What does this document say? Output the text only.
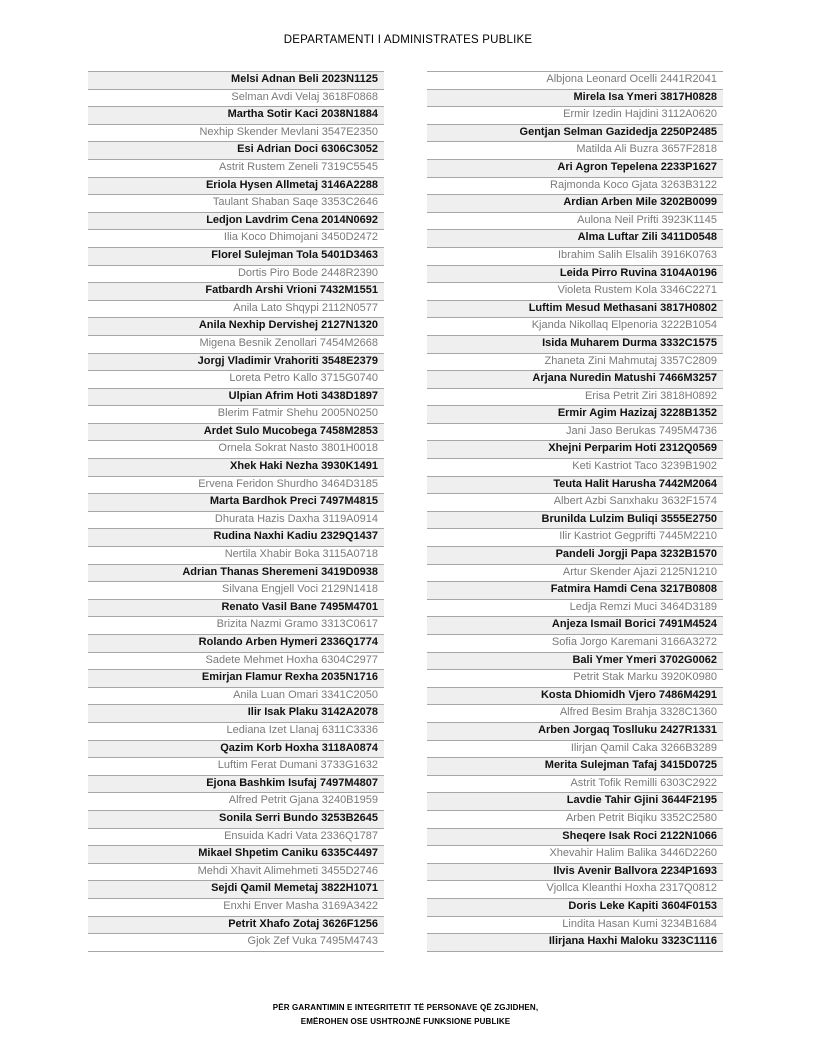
DEPARTAMENTI I ADMINISTRATES PUBLIKE
Melsi Adnan Beli 2023N1125
Selman Avdi Velaj 3618F0868
Martha Sotir Kaci 2038N1884
Nexhip Skender Mevlani 3547E2350
Esi Adrian Doci 6306C3052
Astrit Rustem Zeneli 7319C5545
Eriola Hysen Allmetaj 3146A2288
Taulant Shaban Saqe 3353C2646
Ledjon Lavdrim Cena 2014N0692
Ilia Koco Dhimojani 3450D2472
Florel Sulejman Tola 5401D3463
Dortis Piro Bode 2448R2390
Fatbardh Arshi Vrioni 7432M1551
Anila Lato Shqypi 2112N0577
Anila Nexhip Dervishej 2127N1320
Migena Besnik Zenollari 7454M2668
Jorgj Vladimir Vrahoriti 3548E2379
Loreta Petro Kallo 3715G0740
Ulpian Afrim Hoti 3438D1897
Blerim Fatmir Shehu 2005N0250
Ardet Sulo Mucobega 7458M2853
Ornela Sokrat Nasto 3801H0018
Xhek Haki Nezha 3930K1491
Ervena Feridon Shurdho 3464D3185
Marta Bardhok Preci 7497M4815
Dhurata Hazis Daxha 3119A0914
Rudina Naxhi Kadiu 2329Q1437
Nertila Xhabir Boka 3115A0718
Adrian Thanas Sheremeni 3419D0938
Silvana Engjell Voci 2129N1418
Renato Vasil Bane 7495M4701
Brizita Nazmi Gramo 3313C0617
Rolando Arben Hymeri 2336Q1774
Sadete Mehmet Hoxha 6304C2977
Emirjan Flamur Rexha 2035N1716
Anila Luan Omari 3341C2050
Ilir Isak Plaku 3142A2078
Lediana Izet Llanaj 6311C3336
Qazim Korb Hoxha 3118A0874
Luftim Ferat Dumani 3733G1632
Ejona Bashkim Isufaj 7497M4807
Alfred Petrit Gjana 3240B1959
Sonila Serri Bundo 3253B2645
Ensuida Kadri Vata 2336Q1787
Mikael Shpetim Caniku 6335C4497
Mehdi Xhavit Alimehmeti 3455D2746
Sejdi Qamil Memetaj 3822H1071
Enxhi Enver Masha 3169A3422
Petrit Xhafo Zotaj 3626F1256
Gjok Zef Vuka 7495M4743
Albjona Leonard Ocelli 2441R2041
Mirela Isa Ymeri 3817H0828
Ermir Izedin Hajdini 3112A0620
Gentjan Selman Gazidedja 2250P2485
Matilda Ali Buzra 3657F2818
Ari Agron Tepelena 2233P1627
Rajmonda Koco Gjata 3263B3122
Ardian Arben Mile 3202B0099
Aulona Neil Prifti 3923K1145
Alma Luftar Zili 3411D0548
Ibrahim Salih Elsalih 3916K0763
Leida Pirro Ruvina 3104A0196
Violeta Rustem Kola 3346C2271
Luftim Mesud Methasani 3817H0802
Kjanda Nikollaq Elpenoria 3222B1054
Isida Muharem Durma 3332C1575
Zhaneta Zini Mahmutaj 3357C2809
Arjana Nuredin Matushi 7466M3257
Erisa Petrit Ziri 3818H0892
Ermir Agim Hazizaj 3228B1352
Jani Jaso Berukas 7495M4736
Xhejni Perparim Hoti 2312Q0569
Keti Kastriot Taco 3239B1902
Teuta Halit Harusha 7442M2064
Albert Azbi Sanxhaku 3632F1574
Brunilda Lulzim Buliqi 3555E2750
Ilir Kastriot Gegprifti 7445M2210
Pandeli Jorgji Papa 3232B1570
Artur Skender Ajazi 2125N1210
Fatmira Hamdi Cena 3217B0808
Ledja Remzi Muci 3464D3189
Anjeza Ismail Borici 7491M4524
Sofia Jorgo Karemani 3166A3272
Bali Ymer Ymeri 3702G0062
Petrit Stak Marku 3920K0980
Kosta Dhiomidh Vjero 7486M4291
Alfred Besim Brahja 3328C1360
Arben Jorgaq Toslluku 2427R1331
Ilirjan Qamil Caka 3266B3289
Merita Sulejman Tafaj 3415D0725
Astrit Tofik Remilli 6303C2922
Lavdie Tahir Gjini 3644F2195
Arben Petrit Biqiku 3352C2580
Sheqere Isak Roci 2122N1066
Xhevahir Halim Balika 3446D2260
Ilvis Avenir Ballvora 2234P1693
Vjollca Kleanthi Hoxha 2317Q0812
Doris Leke Kapiti 3604F0153
Lindita Hasan Kumi 3234B1684
Ilirjana Haxhi Maloku 3323C1116
PËR GARANTIMIN E INTEGRITETIT TË PERSONAVE QË ZGJIDHEN,
EMËROHEN OSE USHTROJNË FUNKSIONE PUBLIKE
